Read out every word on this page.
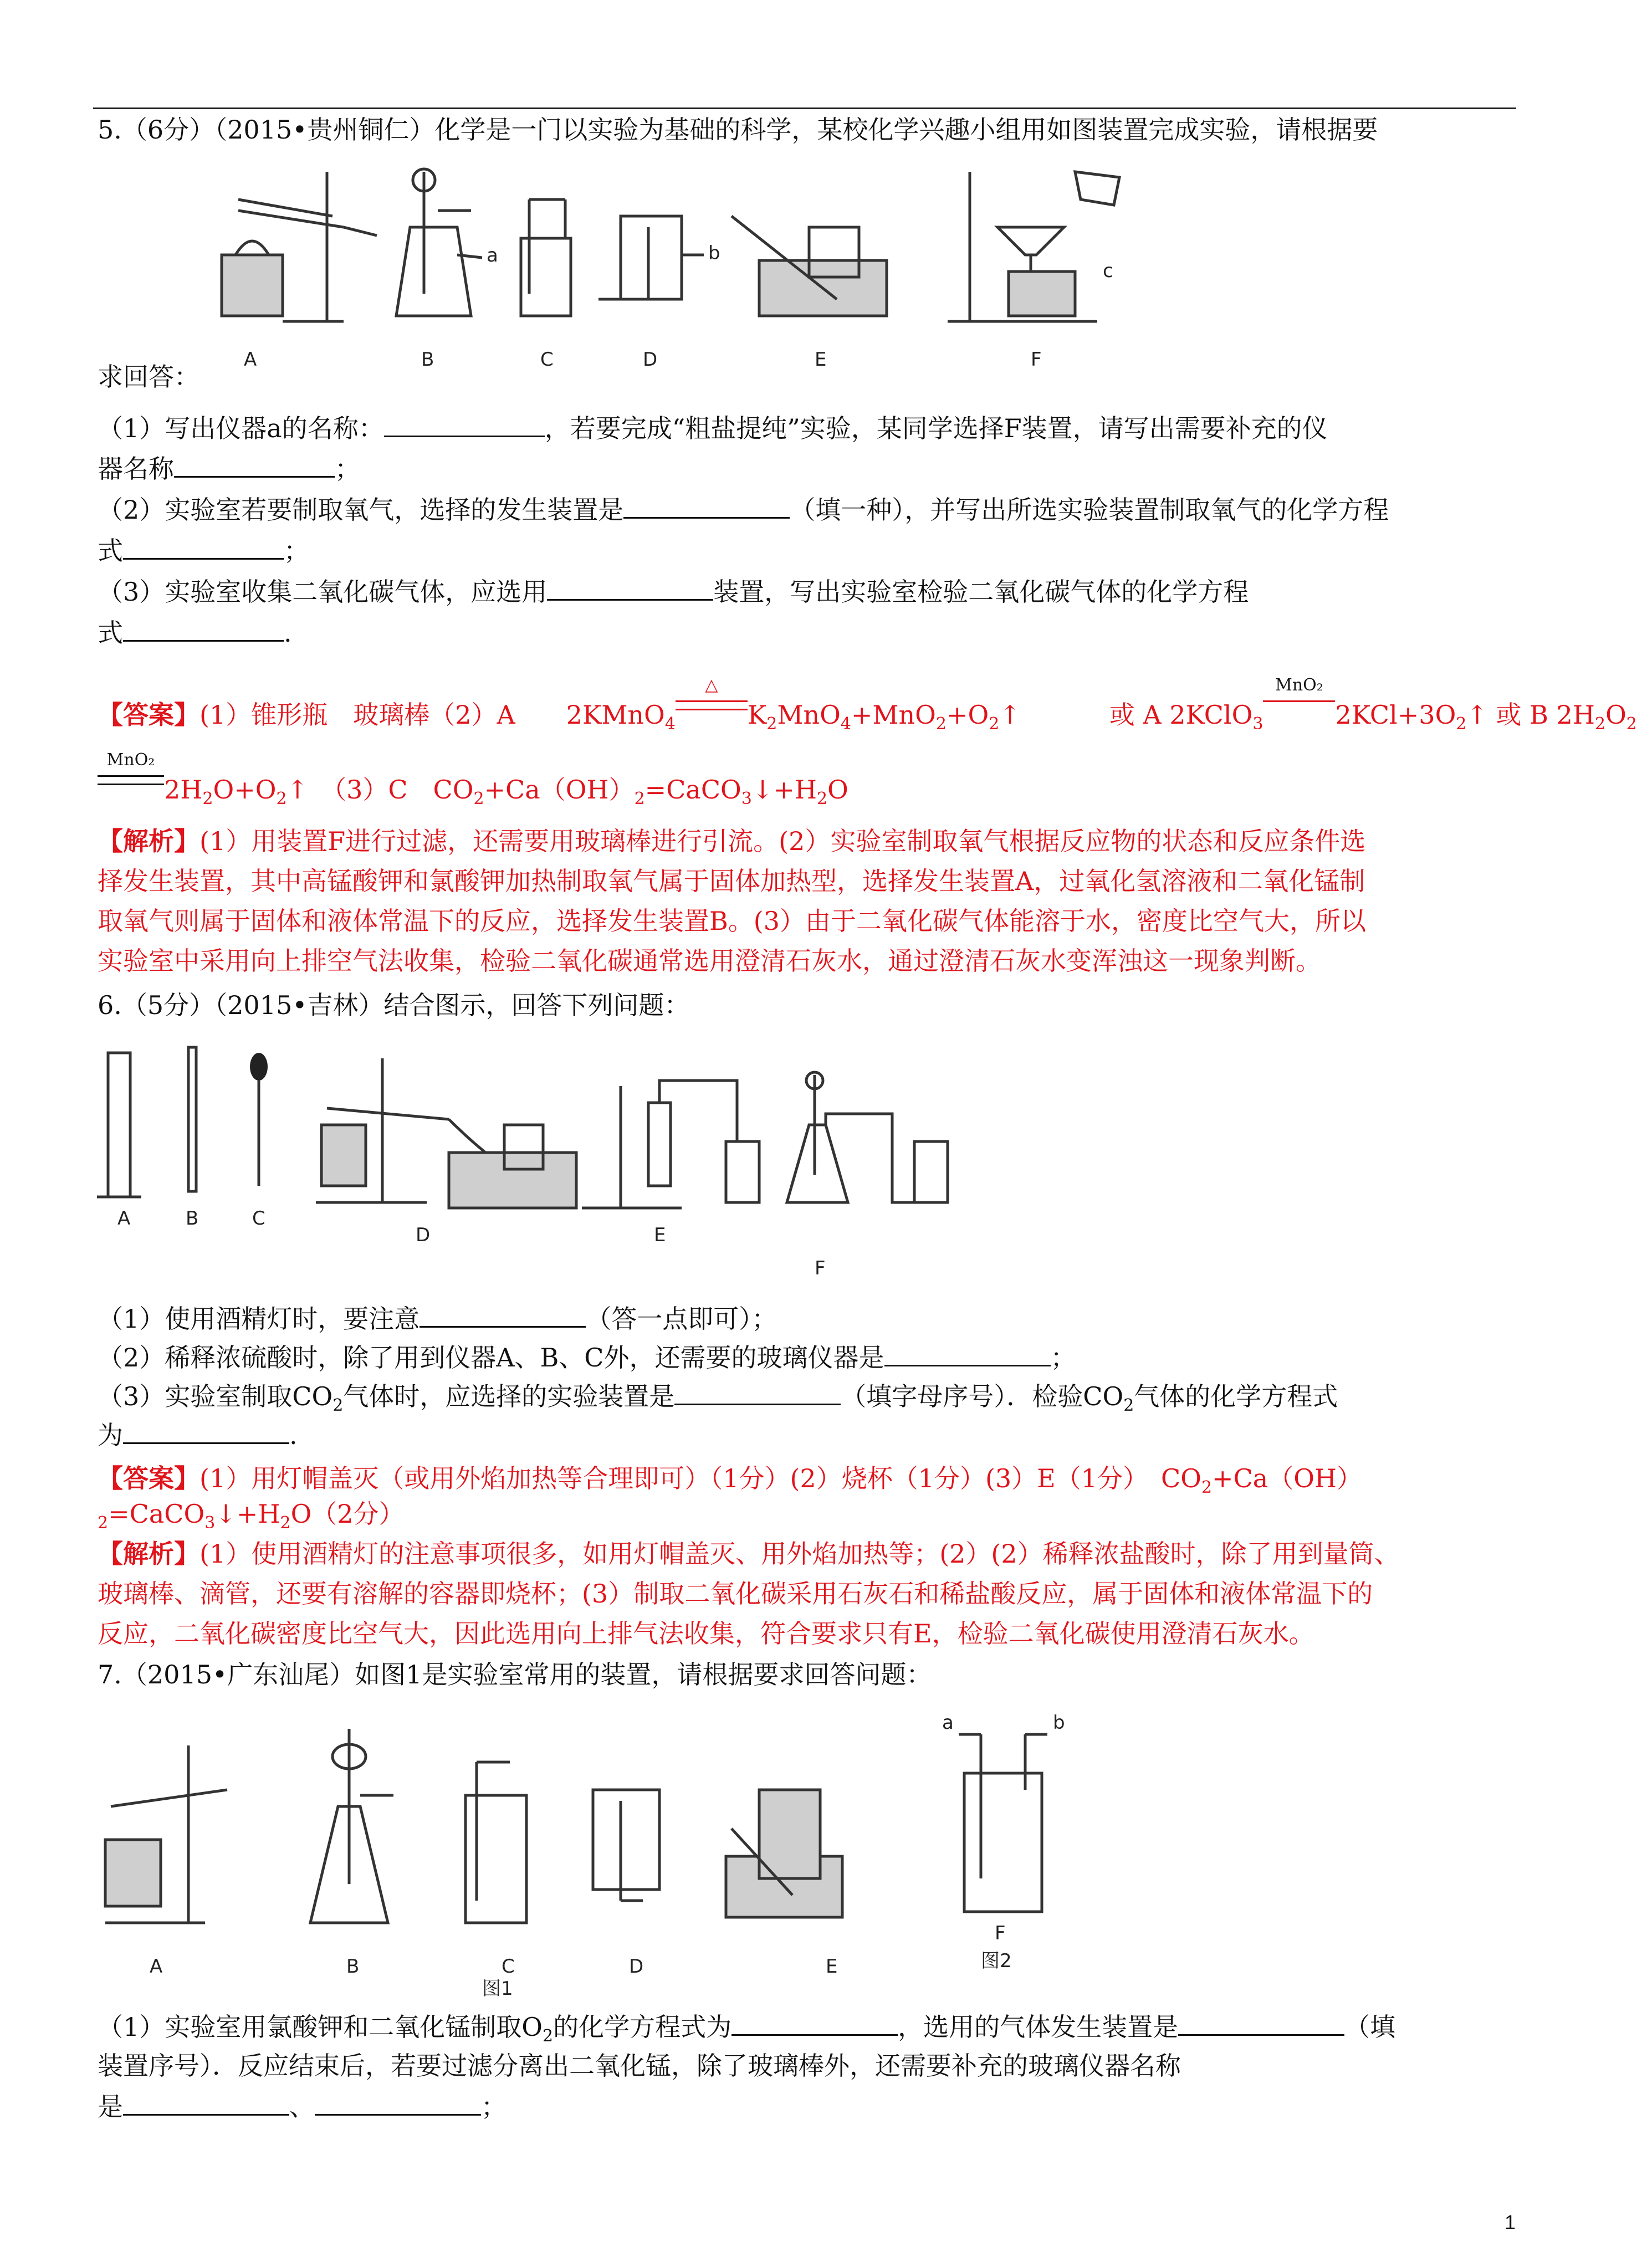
5.（6分）（2015•贵州铜仁）化学是一门以实验为基础的科学，某校化学兴趣小组用如图装置完成实验，请根据要
A	B	C	D	E	F
a	b
c
求回答：
（1）写出仪器a的名称：	，若要完成“粗盐提纯”实验，某同学选择F装置，请写出需要补充的仪
器名称	；
（2）实验室若要制取氧气，选择的发生装置是	（填一种），并写出所选实验装置制取氧气的化学方程
式	；
（3）实验室收集二氧化碳气体，应选用	装置，写出实验室检验二氧化碳气体的化学方程
式	.
【答案】(1）锥形瓶　玻璃棒（2）A　　2KMnO$_4$
△
$K_2MnO_4+MnO_2+O_2↑$	或 A 2KClO$_3$
MnO₂
$2KCl+3O_2↑$ 或 B $2H_2O_2$
MnO₂
$2H_2O+O_2↑$　（3）C　$CO_2+Ca(OH)_2=CaCO_3↓+H_2O$
【解析】(1）用装置F进行过滤，还需要用玻璃棒进行引流。(2）实验室制取氧气根据反应物的状态和反应条件选
择发生装置，其中高锰酸钾和氯酸钾加热制取氧气属于固体加热型，选择发生装置A，过氧化氢溶液和二氧化锰制
取氧气则属于固体和液体常温下的反应，选择发生装置B。(3）由于二氧化碳气体能溶于水，密度比空气大，所以
实验室中采用向上排空气法收集，检验二氧化碳通常选用澄清石灰水，通过澄清石灰水变浑浊这一现象判断。
6.（5分）（2015•吉林）结合图示，回答下列问题：
A	B	C
D	E
F
（1）使用酒精灯时，要注意	（答一点即可）；
（2）稀释浓硫酸时，除了用到仪器A、B、C外，还需要的玻璃仪器是	；
（3）实验室制取$CO_2$气体时，应选择的实验装置是	（填字母序号）．检验$CO_2$气体的化学方程式
为	.
【答案】(1）用灯帽盖灭（或用外焰加热等合理即可）（1分）(2）烧杯（1分）(3）E（1分）　$CO_2+Ca(OH)$
$_2=CaCO_3↓+H_2O(2$分）
【解析】(1）使用酒精灯的注意事项很多，如用灯帽盖灭、用外焰加热等；(2）(2）稀释浓盐酸时，除了用到量筒、
玻璃棒、滴管，还要有溶解的容器即烧杯；(3）制取二氧化碳采用石灰石和稀盐酸反应，属于固体和液体常温下的
反应，二氧化碳密度比空气大，因此选用向上排气法收集，符合要求只有E，检验二氧化碳使用澄清石灰水。
7.（2015•广东汕尾）如图1是实验室常用的装置，请根据要求回答问题：
A	B	C	D	E
F
a	b
图1
图2
（1）实验室用氯酸钾和二氧化锰制取$O_2$的化学方程式为	，选用的气体发生装置是	（填
装置序号）．反应结束后，若要过滤分离出二氧化锰，除了玻璃棒外，还需要补充的玻璃仪器名称
是	、	；
1
